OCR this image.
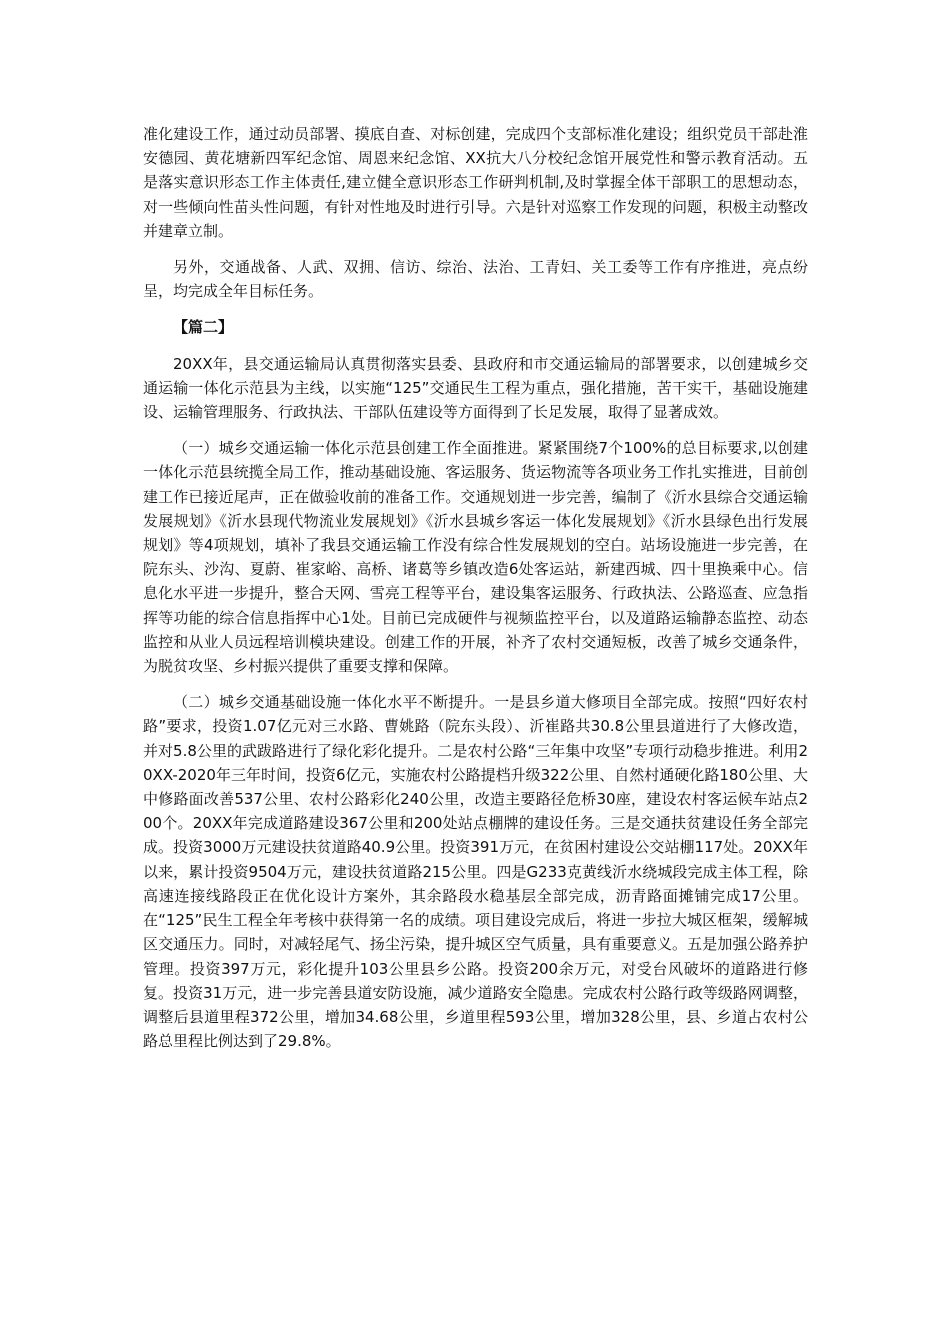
准化建设工作，通过动员部署、摸底自查、对标创建，完成四个支部标准化建设；组织党员干部赴淮安德园、黄花塘新四军纪念馆、周恩来纪念馆、XX抗大八分校纪念馆开展党性和警示教育活动。五是落实意识形态工作主体责任,建立健全意识形态工作研判机制,及时掌握全体干部职工的思想动态，对一些倾向性苗头性问题，有针对性地及时进行引导。六是针对巡察工作发现的问题，积极主动整改并建章立制。

另外，交通战备、人武、双拥、信访、综治、法治、工青妇、关工委等工作有序推进，亮点纷呈，均完成全年目标任务。

【篇二】

20XX年，县交通运输局认真贯彻落实县委、县政府和市交通运输局的部署要求，以创建城乡交通运输一体化示范县为主线，以实施“125”交通民生工程为重点，强化措施，苦干实干，基础设施建设、运输管理服务、行政执法、干部队伍建设等方面得到了长足发展，取得了显著成效。

（一）城乡交通运输一体化示范县创建工作全面推进。紧紧围绕7个100%的总目标要求,以创建一体化示范县统揽全局工作，推动基础设施、客运服务、货运物流等各项业务工作扎实推进，目前创建工作已接近尾声，正在做验收前的准备工作。交通规划进一步完善，编制了《沂水县综合交通运输发展规划》《沂水县现代物流业发展规划》《沂水县城乡客运一体化发展规划》《沂水县绿色出行发展规划》等4项规划，填补了我县交通运输工作没有综合性发展规划的空白。站场设施进一步完善，在院东头、沙沟、夏蔚、崔家峪、高桥、诸葛等乡镇改造6处客运站，新建西城、四十里换乘中心。信息化水平进一步提升，整合天网、雪亮工程等平台，建设集客运服务、行政执法、公路巡查、应急指挥等功能的综合信息指挥中心1处。目前已完成硬件与视频监控平台，以及道路运输静态监控、动态监控和从业人员远程培训模块建设。创建工作的开展，补齐了农村交通短板，改善了城乡交通条件，为脱贫攻坚、乡村振兴提供了重要支撑和保障。

（二）城乡交通基础设施一体化水平不断提升。一是县乡道大修项目全部完成。按照“四好农村路”要求，投资1.07亿元对三水路、曹姚路（院东头段）、沂崔路共30.8公里县道进行了大修改造，并对5.8公里的武跋路进行了绿化彩化提升。二是农村公路“三年集中攻坚”专项行动稳步推进。利用20XX-2020年三年时间，投资6亿元，实施农村公路提档升级322公里、自然村通硬化路180公里、大中修路面改善537公里、农村公路彩化240公里，改造主要路径危桥30座，建设农村客运候车站点200个。20XX年完成道路建设367公里和200处站点棚牌的建设任务。三是交通扶贫建设任务全部完成。投资3000万元建设扶贫道路40.9公里。投资391万元，在贫困村建设公交站棚117处。20XX年以来，累计投资9504万元，建设扶贫道路215公里。四是G233克黄线沂水绕城段完成主体工程，除高速连接线路段正在优化设计方案外，其余路段水稳基层全部完成，沥青路面摊铺完成17公里。在“125”民生工程全年考核中获得第一名的成绩。项目建设完成后，将进一步拉大城区框架，缓解城区交通压力。同时，对减轻尾气、扬尘污染，提升城区空气质量，具有重要意义。五是加强公路养护管理。投资397万元，彩化提升103公里县乡公路。投资200余万元，对受台风破坏的道路进行修复。投资31万元，进一步完善县道安防设施，减少道路安全隐患。完成农村公路行政等级路网调整，调整后县道里程372公里，增加34.68公里，乡道里程593公里，增加328公里，县、乡道占农村公路总里程比例达到了29.8%。
